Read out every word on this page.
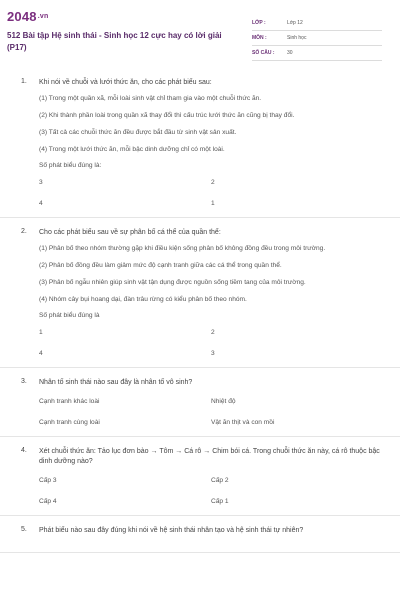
$2048^{.vn}$
512 Bài tập Hệ sinh thái - Sinh học 12 cực hay có lời giải (P17)
LỚP :	Lớp 12
MÔN :	Sinh học
SỐ CÂU :	30
1. Khi nói về chuỗi và lưới thức ăn, cho các phát biểu sau:
(1) Trong một quần xã, mỗi loài sinh vật chỉ tham gia vào một chuỗi thức ăn.
(2) Khi thành phần loài trong quần xã thay đổi thì cấu trúc lưới thức ăn cũng bị thay đổi.
(3) Tất cả các chuỗi thức ăn đều được bắt đầu từ sinh vật sản xuất.
(4) Trong một lưới thức ăn, mỗi bậc dinh dưỡng chỉ có một loài.
Số phát biểu đúng là:
3	2
4	1
2. Cho các phát biểu sau về sự phân bố cá thể của quần thể:
(1) Phân bố theo nhóm thường gặp khi điều kiện sống phân bố không đồng đều trong môi trường.
(2) Phân bố đồng đều làm giảm mức độ cạnh tranh giữa các cá thể trong quần thể.
(3) Phân bố ngẫu nhiên giúp sinh vật tận dụng được nguồn sống tiềm tang của môi trường.
(4) Nhóm cây bụi hoang dại, đàn trâu rừng có kiểu phân bố theo nhóm.
Số phát biểu đúng là
1	2
4	3
3. Nhân tố sinh thái nào sau đây là nhân tố vô sinh?
Cạnh tranh khác loài	Nhiệt độ
Cạnh tranh cùng loài	Vật ăn thịt và con mồi
4. Xét chuỗi thức ăn: Tảo lục đơn bào → Tôm → Cá rô → Chim bói cá. Trong chuỗi thức ăn này, cá rô thuộc bậc dinh dưỡng nào?
Cấp 3	Cấp 2
Cấp 4	Cấp 1
5. Phát biểu nào sau đây đúng khi nói về hệ sinh thái nhân tạo và hệ sinh thái tự nhiên?
